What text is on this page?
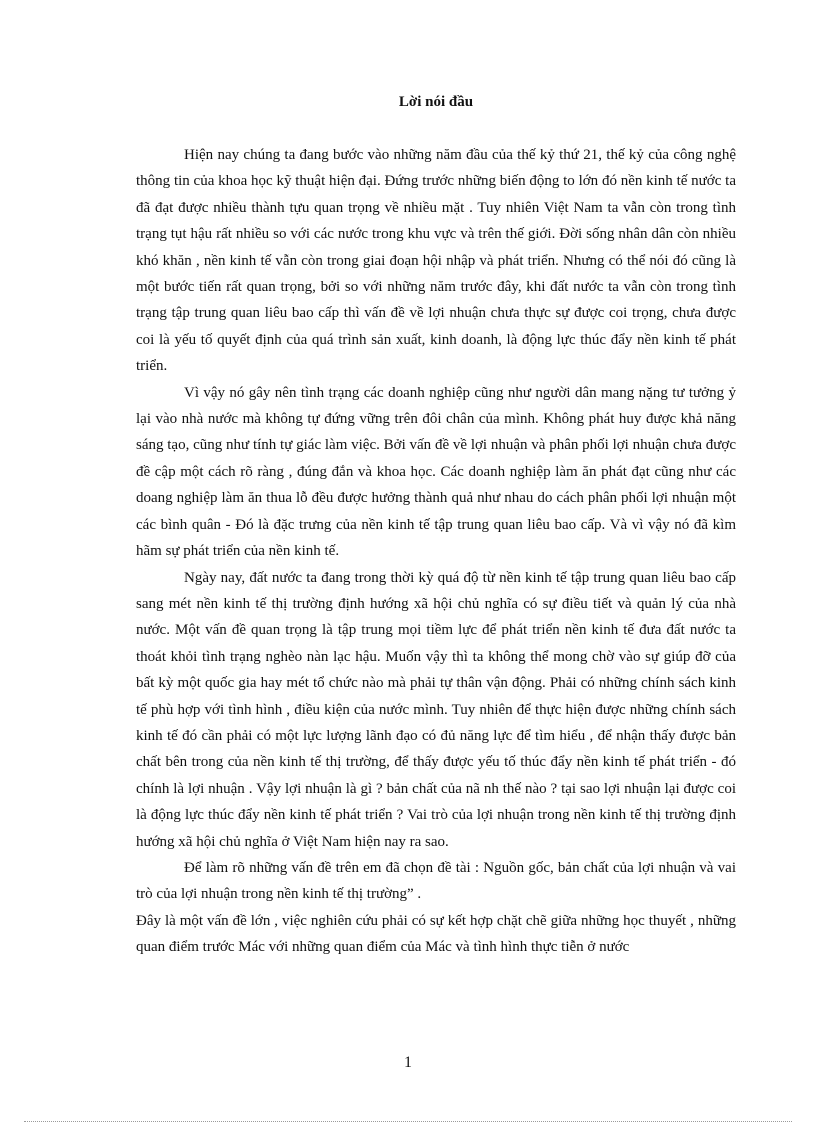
Lời nói đầu

Hiện nay chúng ta đang bước vào những năm đầu của thế kỷ thứ 21, thế kỷ của công nghệ thông tin của khoa học kỹ thuật hiện đại. Đứng trước những biến động to lớn đó nền kinh tế nước ta đã đạt được nhiều thành tựu quan trọng về nhiều mặt . Tuy nhiên Việt Nam ta vẫn còn trong tình trạng tụt hậu rất nhiều so với các nước trong khu vực và trên thế giới. Đời sống nhân dân còn nhiều khó khăn , nền kinh tế vẫn còn trong giai đoạn hội nhập và phát triển. Nhưng có thể nói đó cũng là một bước tiến rất quan trọng, bởi so với những năm trước đây, khi đất nước ta vẫn còn trong tình trạng tập trung quan liêu bao cấp thì vấn đề về lợi nhuận chưa thực sự được coi trọng, chưa được coi là yếu tố quyết định của quá trình sản xuất, kinh doanh, là động lực thúc đẩy nền kinh tế phát triển.

Vì vậy nó gây nên tình trạng các doanh nghiệp cũng như người dân mang nặng tư tưởng ỷ lại vào nhà nước mà không tự đứng vững trên đôi chân của mình. Không phát huy được khả năng sáng tạo, cũng như tính tự giác làm việc. Bởi vấn đề về lợi nhuận và phân phối lợi nhuận chưa được đề cập một cách rõ ràng , đúng đắn và khoa học. Các doanh nghiệp làm ăn phát đạt cũng như các doang nghiệp làm ăn thua lỗ đều được hưởng thành quả như nhau do cách phân phối lợi nhuận một các bình quân - Đó là đặc trưng của nền kinh tế tập trung quan liêu bao cấp. Và vì vậy nó đã kìm hãm sự phát triển của nền kinh tế.

Ngày nay, đất nước ta đang trong thời kỳ quá độ từ nền kinh tế tập trung quan liêu bao cấp sang mét nền kinh tế thị trường định hướng xã hội chủ nghĩa có sự điều tiết và quản lý của nhà nước. Một vấn đề quan trọng là tập trung mọi tiềm lực để phát triển nền kinh tế đưa đất nước ta thoát khỏi tình trạng nghèo nàn lạc hậu. Muốn vậy thì ta không thể mong chờ vào sự giúp đỡ của bất kỳ một quốc gia hay mét tổ chức nào mà phải tự thân vận động. Phải có những chính sách kinh tế phù hợp với tình hình , điều kiện của nước mình. Tuy nhiên để thực hiện được những chính sách kinh tế đó cần phải có một lực lượng lãnh đạo có đủ năng lực để tìm hiểu , để nhận thấy được bản chất bên trong của nền kinh tế thị trường, để thấy được yếu tố thúc đẩy nền kinh tế phát triển - đó chính là lợi nhuận . Vậy lợi nhuận là gì ? bản chất của nã nh thế nào ? tại sao lợi nhuận lại được coi là động lực thúc đẩy nền kinh tế phát triển ? Vai trò của lợi nhuận trong nền kinh tế thị trường định hướng xã hội chủ nghĩa ở Việt Nam hiện nay ra sao.

Để làm rõ những vấn đề trên em đã chọn đề tài : Nguồn gốc, bản chất của lợi nhuận và vai trò của lợi nhuận trong nền kinh tế thị trường” .

Đây là một vấn đề lớn , việc nghiên cứu phải có sự kết hợp chặt chẽ giữa những học thuyết , những quan điểm trước Mác với những quan điểm của Mác và tình hình thực tiễn ở nước

1
